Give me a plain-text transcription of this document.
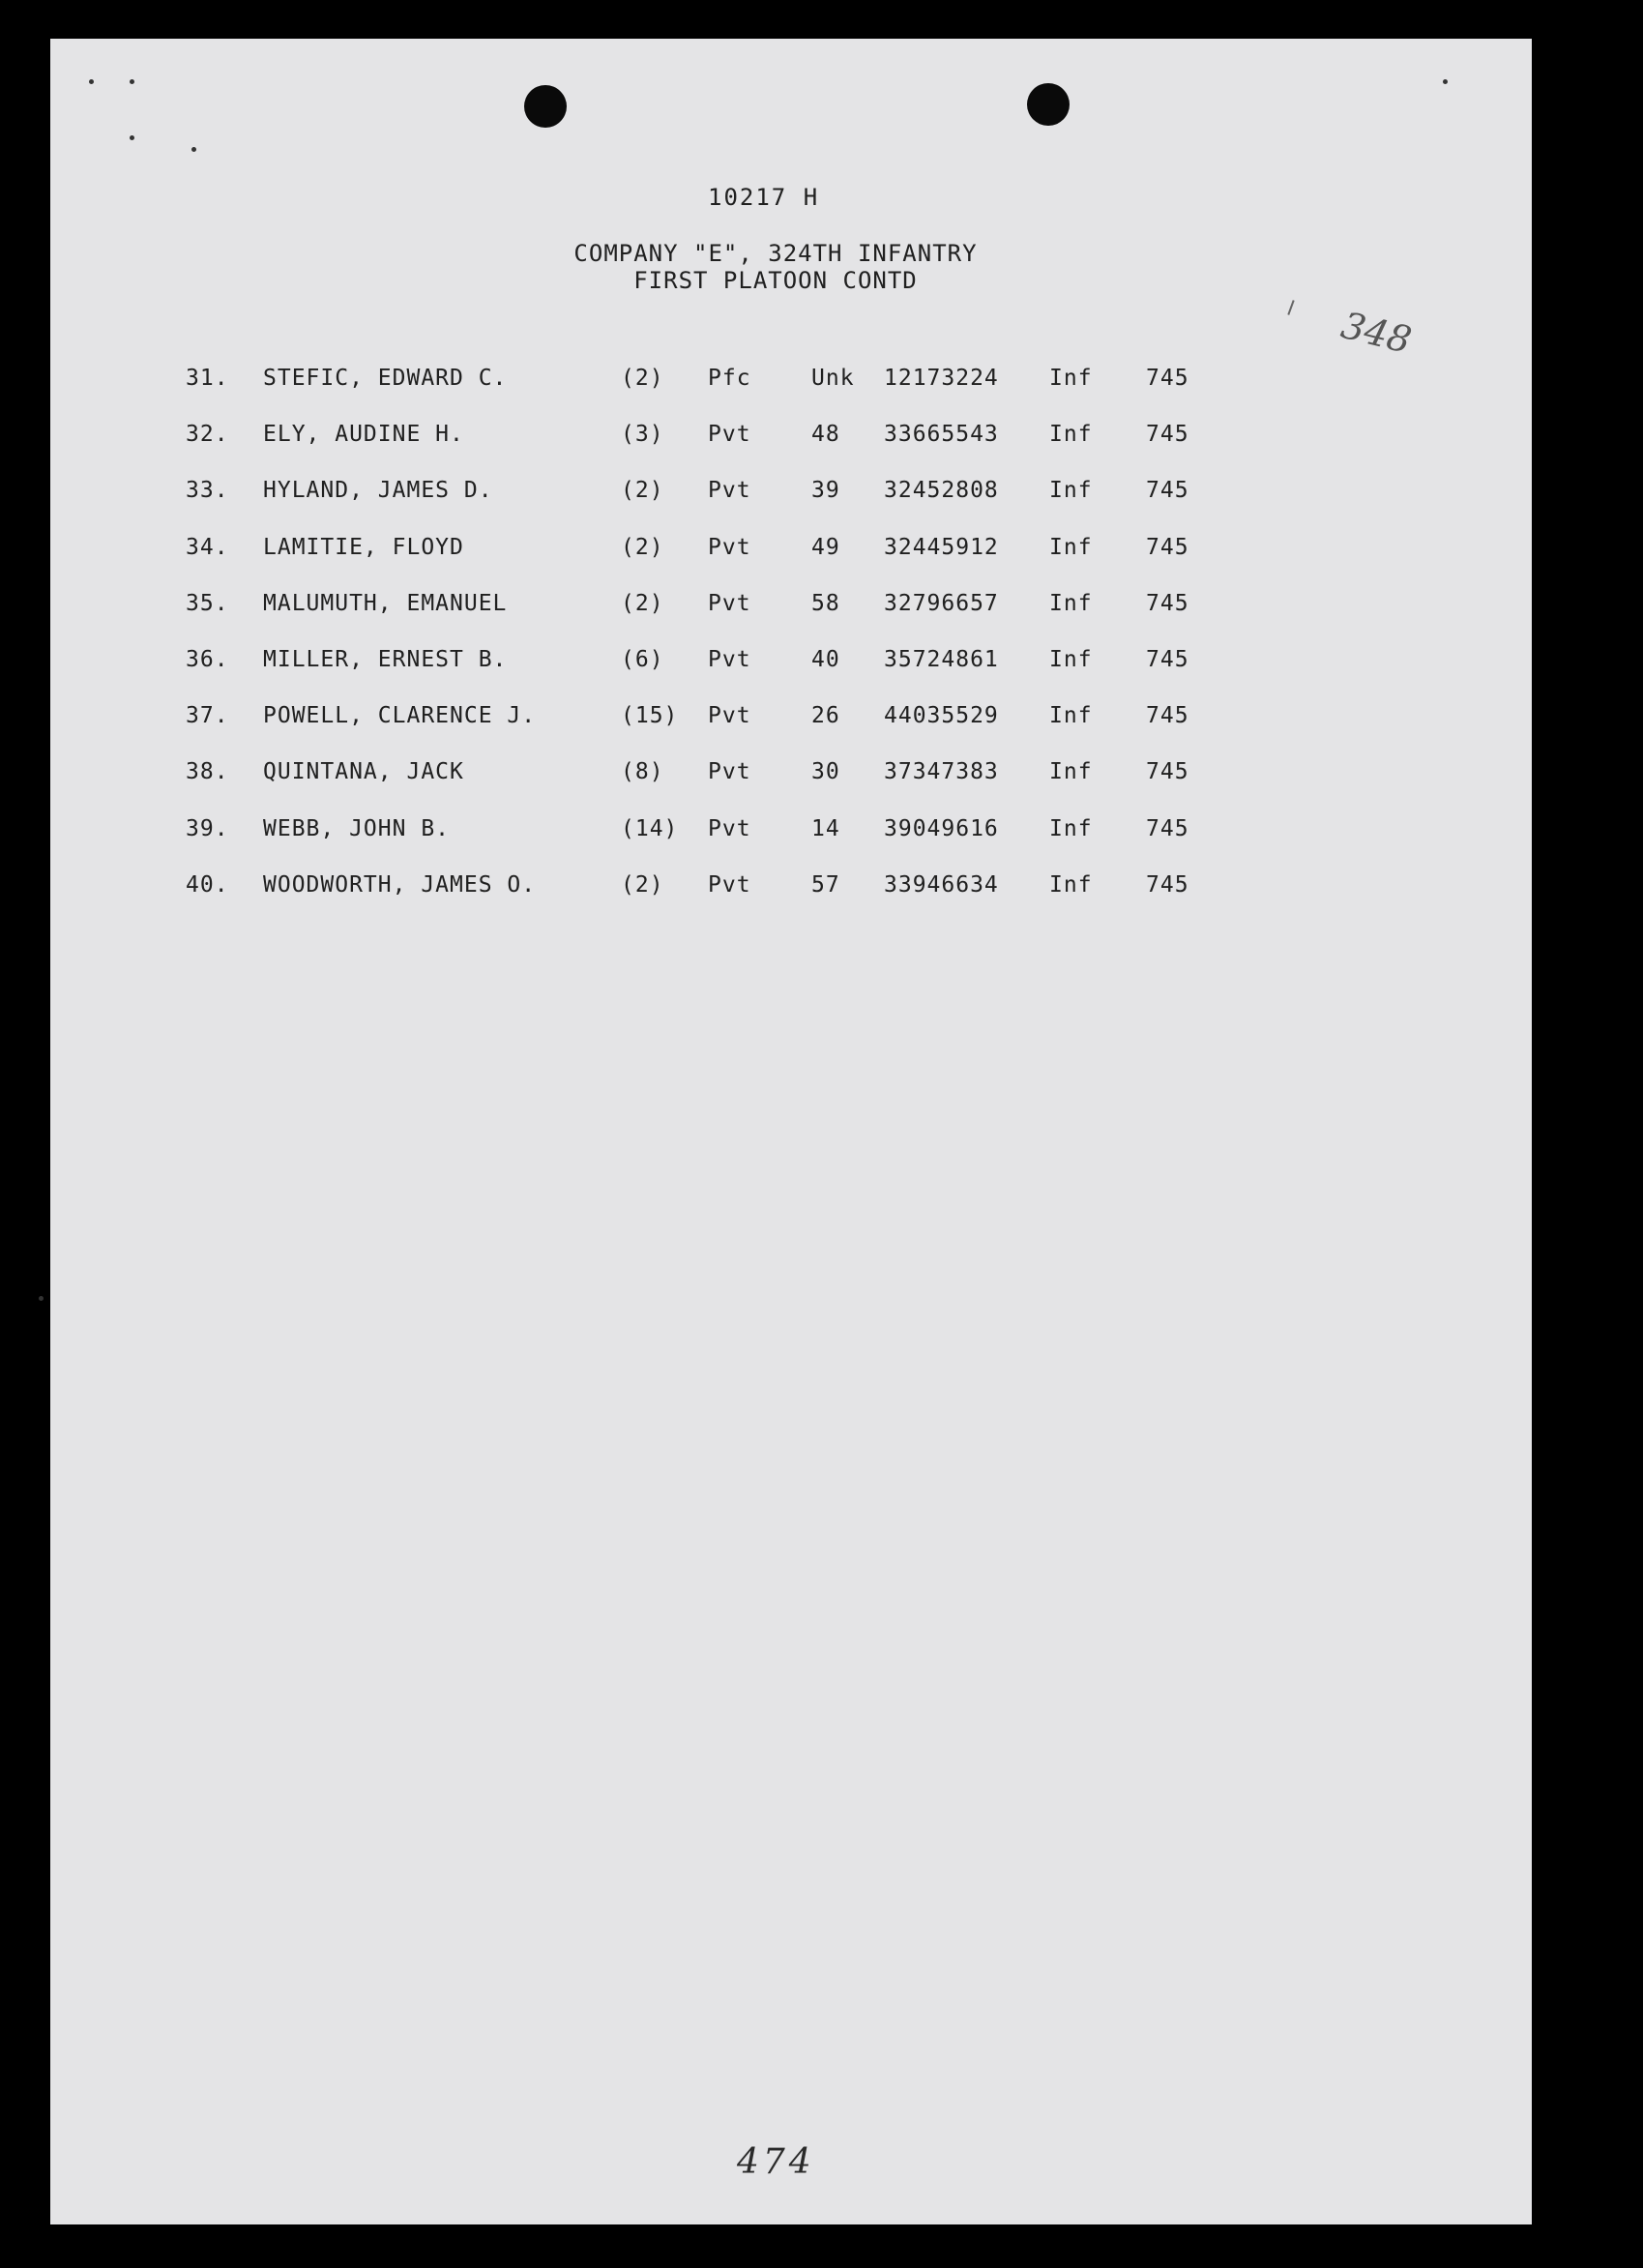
10217 H
COMPANY "E", 324TH INFANTRY
FIRST PLATOON CONTD
348
31. STEFIC, EDWARD C.	(2) Pfc	Unk 12173224 Inf 745
32. ELY, AUDINE H.	(3) Pvt	48 33665543 Inf 745
33. HYLAND, JAMES D.	(2) Pvt	39 32452808 Inf 745
34. LAMITIE, FLOYD	(2) Pvt	49 32445912 Inf 745
35. MALUMUTH, EMANUEL	(2) Pvt	58 32796657 Inf 745
36. MILLER, ERNEST B.	(6) Pvt	40 35724861 Inf 745
37. POWELL, CLARENCE J.	(15) Pvt	26 44035529 Inf 745
38. QUINTANA, JACK	(8) Pvt	30 37347383 Inf 745
39. WEBB, JOHN B.	(14) Pvt	14 39049616 Inf 745
40. WOODWORTH, JAMES O.	(2) Pvt	57 33946634 Inf 745
474
